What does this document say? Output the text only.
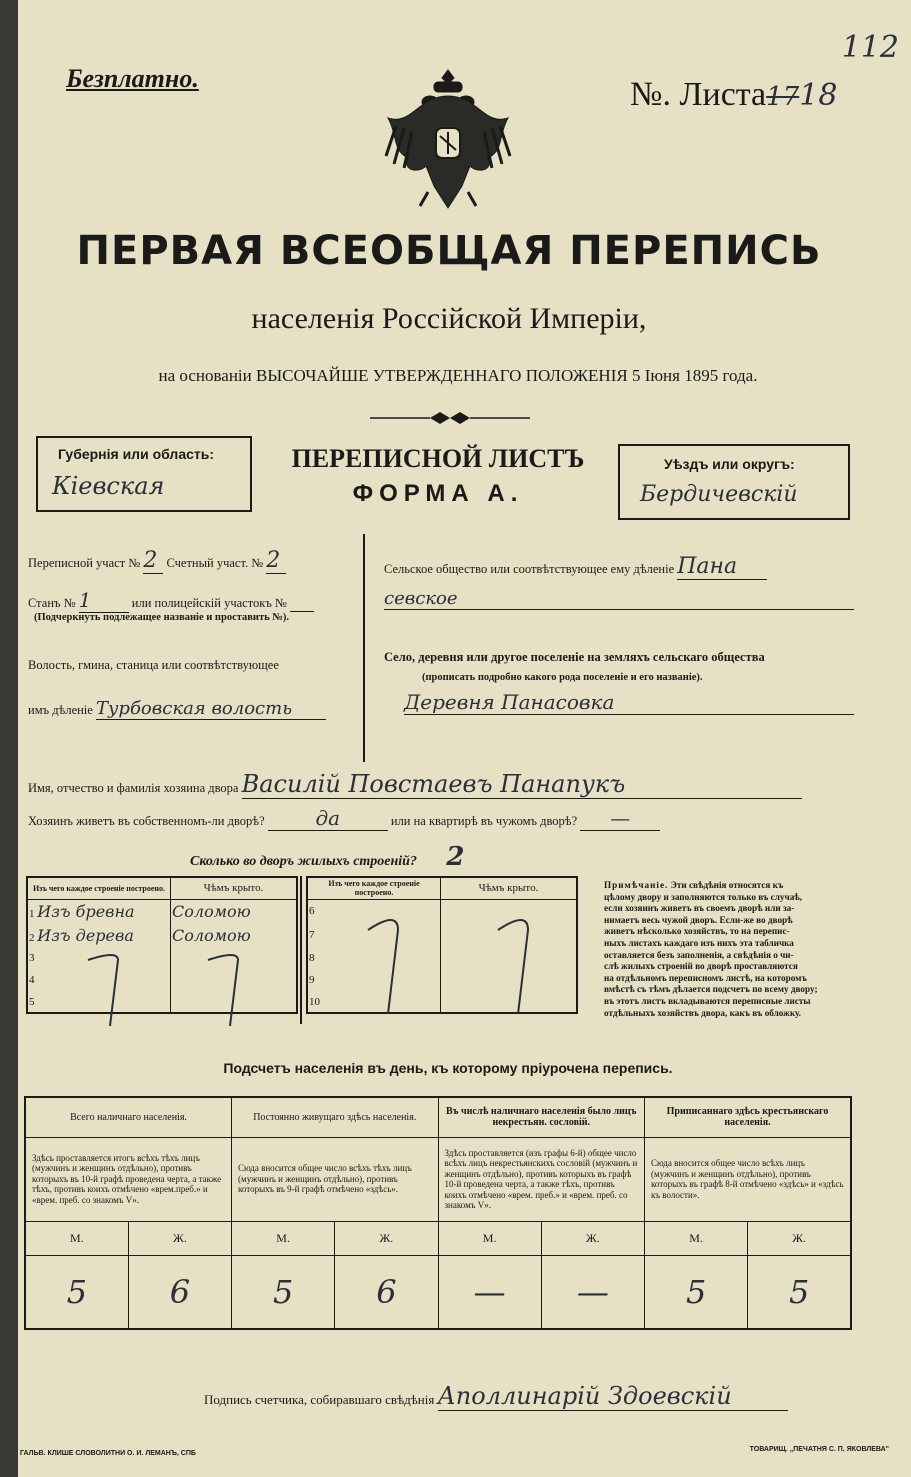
112
Безплатно.	№. Листа1718
ПЕРВАЯ ВСЕОБЩАЯ ПЕРЕПИСЬ
населенія Россійской Имперіи,
на основаніи ВЫСОЧАЙШЕ УТВЕРЖДЕННАГО ПОЛОЖЕНІЯ 5 Іюня 1895 года.
Губернія или область:
Кіевская
ПЕРЕПИСНОЙ ЛИСТЪ
ФОРМА А.
Уѣздъ или округъ:
Бердичевскій
Переписной участ № 2 Счетный участ. № 2
Станъ № 1	или полицейскій участокъ №
(Подчеркнуть подлежащее названіе и проставить №).
Волость, гмина, станица или соотвѣтствующее
имъ дѣленіе Турбовская волость
Сельское общество или соотвѣтствующее ему дѣленіе Пана
севское
Село, деревня или другое поселеніе на земляхъ сельскаго общества
(прописать подробно какого рода поселеніе и его названіе).
Деревня Панасовка
Имя, отчество и фамилія хозяина двора Василій Повстаевъ Панапукъ
Хозяинъ живетъ въ собственномъ-ли дворѣ?	да	или на квартирѣ въ чужомъ дворѣ? —
Сколько во дворъ жилыхъ строеній? 2
Изъ чего каждое строеніе построено.	Чѣмъ крыто.
1 Изъ бревна	Соломою
2 Изъ дерева	Соломою
3	
4	
5	
Изъ чего каждое строеніе построено.	Чѣмъ крыто.
6	
7	
8	
9	
10	
Примѣчаніе. Эти свѣдѣнія относятся къ
цѣлому двору и заполняются только въ случаѣ,
если хозяинъ живетъ въ своемъ дворѣ или за-
нимаетъ весь чужой дворъ. Если-же во дворѣ
живетъ нѣсколько хозяйствъ, то на перепис-
ныхъ листахъ каждаго изъ нихъ эта табличка
оставляется безъ заполненія, а свѣдѣнія о чи-
слѣ жилыхъ строеній во дворѣ проставляются
на отдѣльномъ переписномъ листѣ, на которомъ
вмѣстѣ съ тѣмъ дѣлается подсчетъ по всему двору;
въ этотъ листъ вкладываются переписные листы
отдѣльныхъ хозяйствъ двора, какъ въ обложку.
Подсчетъ населенія въ день, къ которому пріурочена перепись.
Всего наличнаго населенія.		Постоянно живущаго здѣсь населенія.		Въ числѣ наличнаго населенія было лицъ некрестьян. сословій.		Приписаннаго здѣсь крестьянскаго населенія.	
Здѣсь проставляется итогъ всѣхъ тѣхъ лицъ (мужчинъ и женщинъ отдѣльно), противъ которыхъ въ 10-й графѣ проведена черта, а также тѣхъ, противъ коихъ отмѣчено «врем.преб.» и «врем. преб. со знакомъ V».		Сюда вносится общее число всѣхъ тѣхъ лицъ (мужчинъ и женщинъ отдѣльно), противъ которыхъ въ 9-й графѣ отмѣчено «здѣсь».		Здѣсь проставляется (изъ графы 6-й) общее число всѣхъ лицъ некрестьянскихъ сословій (мужчинъ и женщинъ отдѣльно), противъ которыхъ въ графѣ 10-й проведена черта, а также тѣхъ, противъ коихъ отмѣчено «врем. преб.» и «врем. преб. со знакомъ V».		Сюда вносится общее число всѣхъ лицъ (мужчинъ и женщинъ отдѣльно), противъ которыхъ въ графѣ 8-й отмѣчено «здѣсь» и «здѣсь къ волости».	
М.	Ж.	М.	Ж.	М.	Ж.	М.	Ж.
5	6	5	6	—	—	5	5
Подпись счетчика, собиравшаго свѣдѣнія Аполлинарій Здоевскій
ГАЛЬВ. КЛИШЕ СЛОВОЛИТНИ О. И. ЛЕМАНЪ, СПБ
ТОВАРИЩ. „ПЕЧАТНЯ С. П. ЯКОВЛЕВА"
